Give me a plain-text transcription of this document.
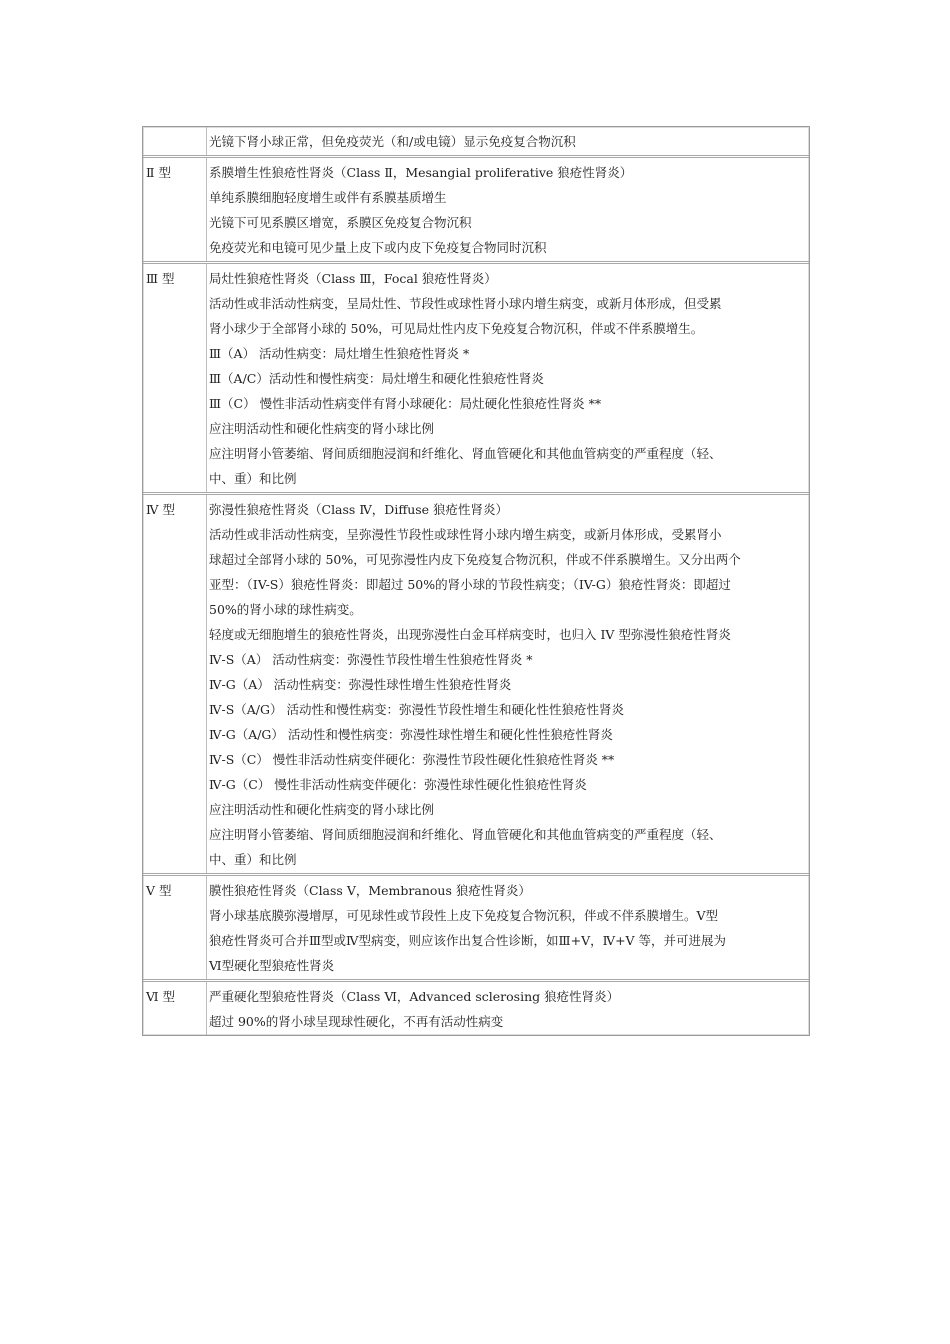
光镜下肾小球正常，但免疫荧光（和/或电镜）显示免疫复合物沉积
Ⅱ 型	系膜增生性狼疮性肾炎（Class Ⅱ，Mesangial proliferative 狼疮性肾炎）
单纯系膜细胞轻度增生或伴有系膜基质增生
光镜下可见系膜区增宽，系膜区免疫复合物沉积
免疫荧光和电镜可见少量上皮下或内皮下免疫复合物同时沉积
Ⅲ 型	局灶性狼疮性肾炎（Class Ⅲ，Focal 狼疮性肾炎）
活动性或非活动性病变，呈局灶性、节段性或球性肾小球内增生病变，或新月体形成，但受累
肾小球少于全部肾小球的 50%，可见局灶性内皮下免疫复合物沉积，伴或不伴系膜增生。
Ⅲ（A） 活动性病变：局灶增生性狼疮性肾炎 *
Ⅲ（A/C）活动性和慢性病变：局灶增生和硬化性狼疮性肾炎
Ⅲ（C） 慢性非活动性病变伴有肾小球硬化：局灶硬化性狼疮性肾炎 **
应注明活动性和硬化性病变的肾小球比例
应注明肾小管萎缩、肾间质细胞浸润和纤维化、肾血管硬化和其他血管病变的严重程度（轻、
中、重）和比例
Ⅳ 型	弥漫性狼疮性肾炎（Class Ⅳ，Diffuse 狼疮性肾炎）
活动性或非活动性病变，呈弥漫性节段性或球性肾小球内增生病变，或新月体形成，受累肾小
球超过全部肾小球的 50%，可见弥漫性内皮下免疫复合物沉积，伴或不伴系膜增生。又分出两个
亚型：（IV-S）狼疮性肾炎：即超过 50%的肾小球的节段性病变；（IV-G）狼疮性肾炎：即超过
50%的肾小球的球性病变。
轻度或无细胞增生的狼疮性肾炎，出现弥漫性白金耳样病变时，也归入 IV 型弥漫性狼疮性肾炎
Ⅳ-S（A） 活动性病变：弥漫性节段性增生性狼疮性肾炎 *
Ⅳ-G（A） 活动性病变：弥漫性球性增生性狼疮性肾炎
Ⅳ-S（A/G） 活动性和慢性病变：弥漫性节段性增生和硬化性性狼疮性肾炎
Ⅳ-G（A/G） 活动性和慢性病变：弥漫性球性增生和硬化性性狼疮性肾炎
Ⅳ-S（C） 慢性非活动性病变伴硬化：弥漫性节段性硬化性狼疮性肾炎 **
Ⅳ-G（C） 慢性非活动性病变伴硬化：弥漫性球性硬化性狼疮性肾炎
应注明活动性和硬化性病变的肾小球比例
应注明肾小管萎缩、肾间质细胞浸润和纤维化、肾血管硬化和其他血管病变的严重程度（轻、
中、重）和比例
Ⅴ 型	膜性狼疮性肾炎（Class Ⅴ，Membranous 狼疮性肾炎）
肾小球基底膜弥漫增厚，可见球性或节段性上皮下免疫复合物沉积，伴或不伴系膜增生。Ⅴ型
狼疮性肾炎可合并Ⅲ型或Ⅳ型病变，则应该作出复合性诊断，如Ⅲ+Ⅴ，Ⅳ+Ⅴ 等，并可进展为
Ⅵ型硬化型狼疮性肾炎
Ⅵ 型	严重硬化型狼疮性肾炎（Class Ⅵ，Advanced sclerosing 狼疮性肾炎）
超过 90%的肾小球呈现球性硬化，不再有活动性病变
